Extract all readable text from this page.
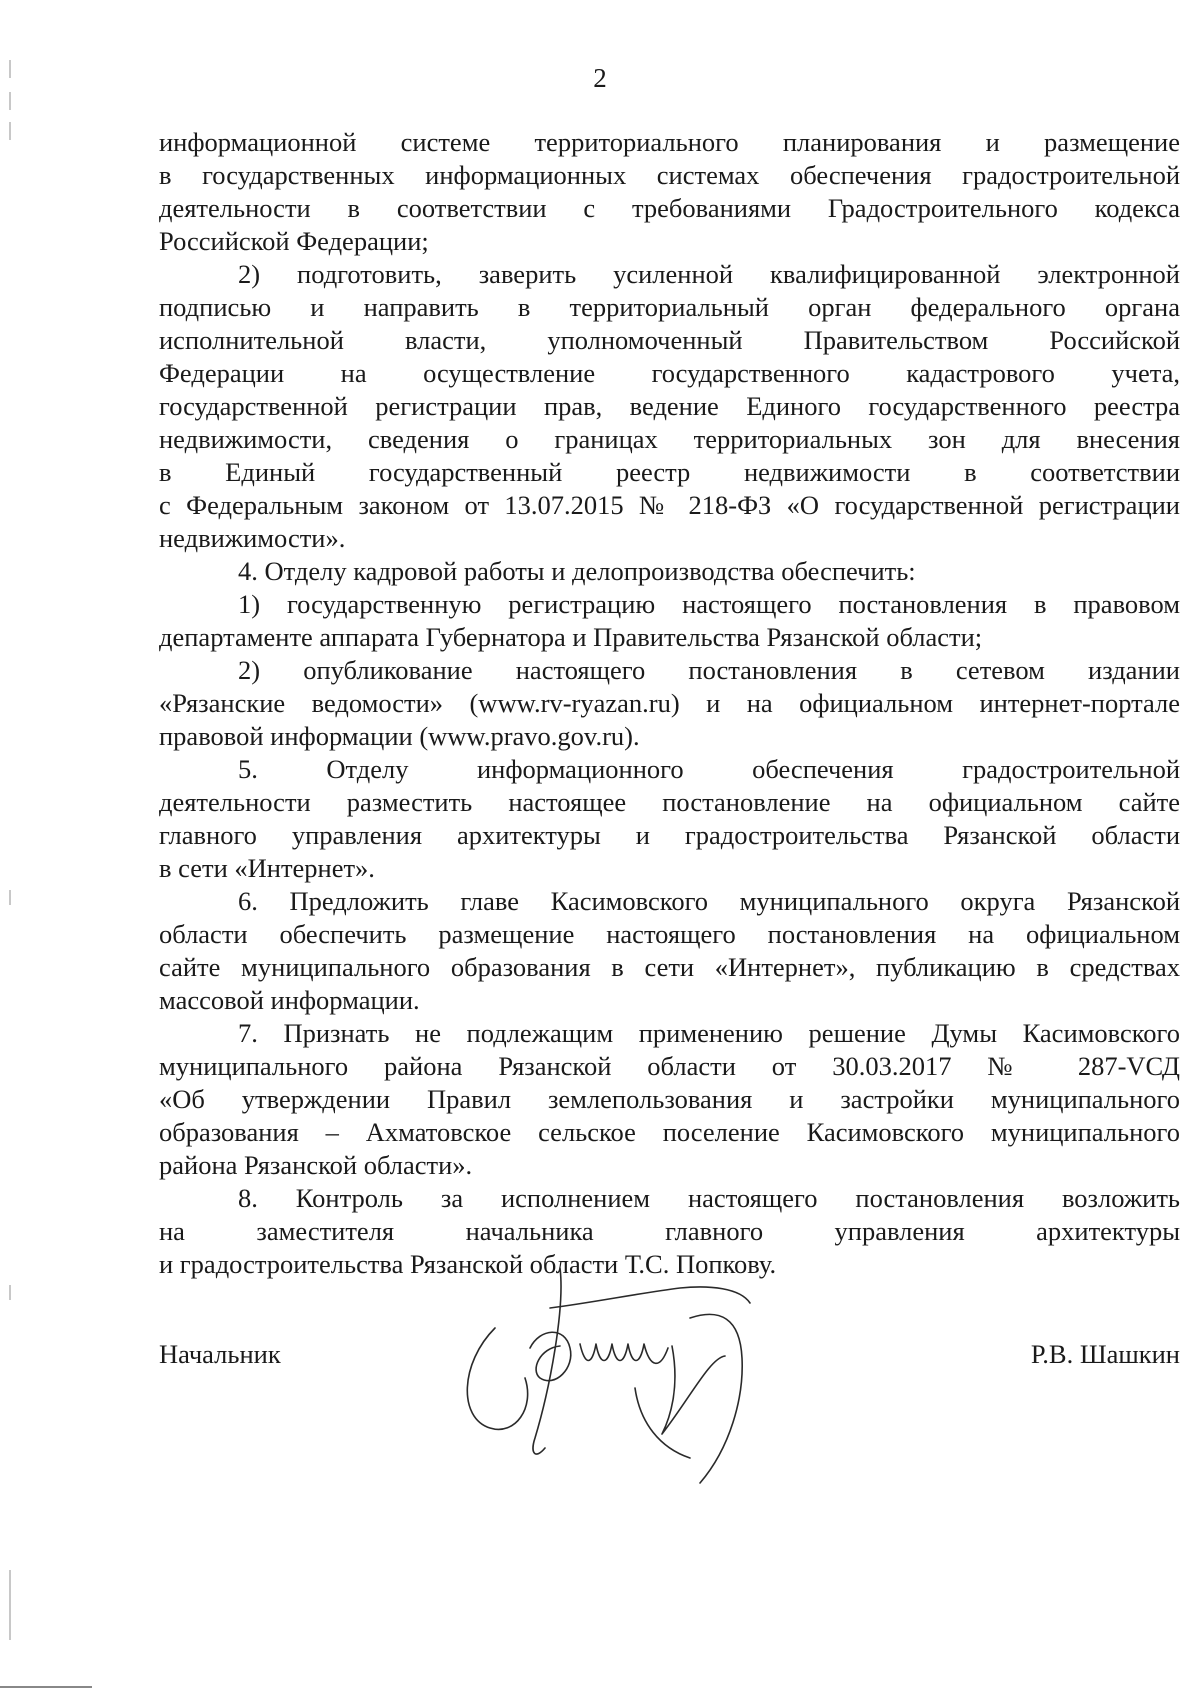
2
информационной системе территориального планирования и размещение
в государственных информационных системах обеспечения градостроительной
деятельности в соответствии с требованиями Градостроительного кодекса
Российской Федерации;
2) подготовить, заверить усиленной квалифицированной электронной
подписью и направить в территориальный орган федерального органа
исполнительной власти, уполномоченный Правительством Российской
Федерации на осуществление государственного кадастрового учета,
государственной регистрации прав, ведение Единого государственного реестра
недвижимости, сведения о границах территориальных зон для внесения
в Единый государственный реестр недвижимости в соответствии
с Федеральным законом от 13.07.2015 № 218-ФЗ «О государственной регистрации
недвижимости».
4. Отделу кадровой работы и делопроизводства обеспечить:
1) государственную регистрацию настоящего постановления в правовом
департаменте аппарата Губернатора и Правительства Рязанской области;
2) опубликование настоящего постановления в сетевом издании
«Рязанские ведомости» (www.rv-ryazan.ru) и на официальном интернет-портале
правовой информации (www.pravo.gov.ru).
5. Отделу информационного обеспечения градостроительной
деятельности разместить настоящее постановление на официальном сайте
главного управления архитектуры и градостроительства Рязанской области
в сети «Интернет».
6. Предложить главе Касимовского муниципального округа Рязанской
области обеспечить размещение настоящего постановления на официальном
сайте муниципального образования в сети «Интернет», публикацию в средствах
массовой информации.
7. Признать не подлежащим применению решение Думы Касимовского
муниципального района Рязанской области от 30.03.2017 № 287-VСД
«Об утверждении Правил землепользования и застройки муниципального
образования – Ахматовское сельское поселение Касимовского муниципального
района Рязанской области».
8. Контроль за исполнением настоящего постановления возложить
на заместителя начальника главного управления архитектуры
и градостроительства Рязанской области Т.С. Попкову.
Начальник	Р.В. Шашкин
